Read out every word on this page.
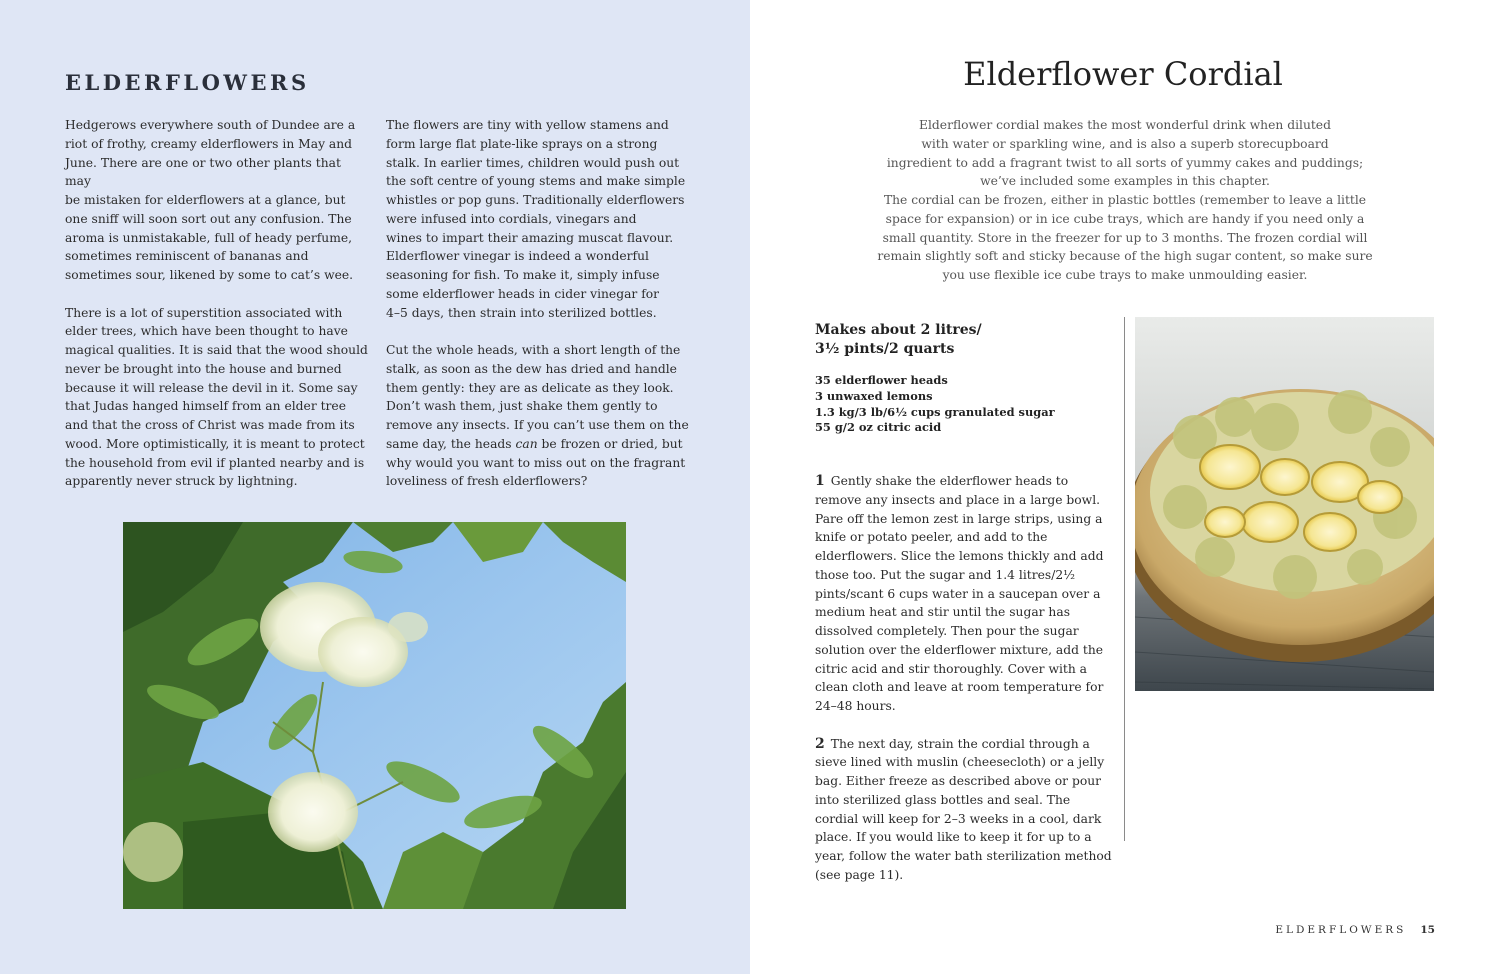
ELDERFLOWERS

Hedgerows everywhere south of Dundee are a
riot of frothy, creamy elderflowers in May and
June. There are one or two other plants that may
be mistaken for elderflowers at a glance, but
one sniff will soon sort out any confusion. The
aroma is unmistakable, full of heady perfume,
sometimes reminiscent of bananas and
sometimes sour, likened by some to cat’s wee.

There is a lot of superstition associated with
elder trees, which have been thought to have
magical qualities. It is said that the wood should
never be brought into the house and burned
because it will release the devil in it. Some say
that Judas hanged himself from an elder tree
and that the cross of Christ was made from its
wood. More optimistically, it is meant to protect
the household from evil if planted nearby and is
apparently never struck by lightning.

The flowers are tiny with yellow stamens and
form large flat plate-like sprays on a strong
stalk. In earlier times, children would push out
the soft centre of young stems and make simple
whistles or pop guns. Traditionally elderflowers
were infused into cordials, vinegars and
wines to impart their amazing muscat flavour.
Elderflower vinegar is indeed a wonderful
seasoning for fish. To make it, simply infuse
some elderflower heads in cider vinegar for
4–5 days, then strain into sterilized bottles.

Cut the whole heads, with a short length of the
stalk, as soon as the dew has dried and handle
them gently: they are as delicate as they look.
Don’t wash them, just shake them gently to
remove any insects. If you can’t use them on the
same day, the heads can be frozen or dried, but
why would you want to miss out on the fragrant
loveliness of fresh elderflowers?

Elderflower Cordial

Elderflower cordial makes the most wonderful drink when diluted

with water or sparkling wine, and is also a superb storecupboard

ingredient to add a fragrant twist to all sorts of yummy cakes and puddings;

we’ve included some examples in this chapter.

The cordial can be frozen, either in plastic bottles (remember to leave a little

space for expansion) or in ice cube trays, which are handy if you need only a

small quantity. Store in the freezer for up to 3 months. The frozen cordial will

remain slightly soft and sticky because of the high sugar content, so make sure

you use flexible ice cube trays to make unmoulding easier.

Makes about 2 litres/
3½ pints/2 quarts
35 elderflower heads
3 unwaxed lemons
1.3 kg/3 lb/6½ cups granulated sugar
55 g/2 oz citric acid

1 Gently shake the elderflower heads to remove any insects and place in a large bowl. Pare off the lemon zest in large strips, using a knife or potato peeler, and add to the elderflowers. Slice the lemons thickly and add those too. Put the sugar and 1.4 litres/2½ pints/scant 6 cups water in a saucepan over a medium heat and stir until the sugar has dissolved completely. Then pour the sugar solution over the elderflower mixture, add the citric acid and stir thoroughly. Cover with a clean cloth and leave at room temperature for 24–48 hours.

2 The next day, strain the cordial through a sieve lined with muslin (cheesecloth) or a jelly bag. Either freeze as described above or pour into sterilized glass bottles and seal. The cordial will keep for 2–3 weeks in a cool, dark place. If you would like to keep it for up to a year, follow the water bath sterilization method (see page 11).

ELDERFLOWERS 15
